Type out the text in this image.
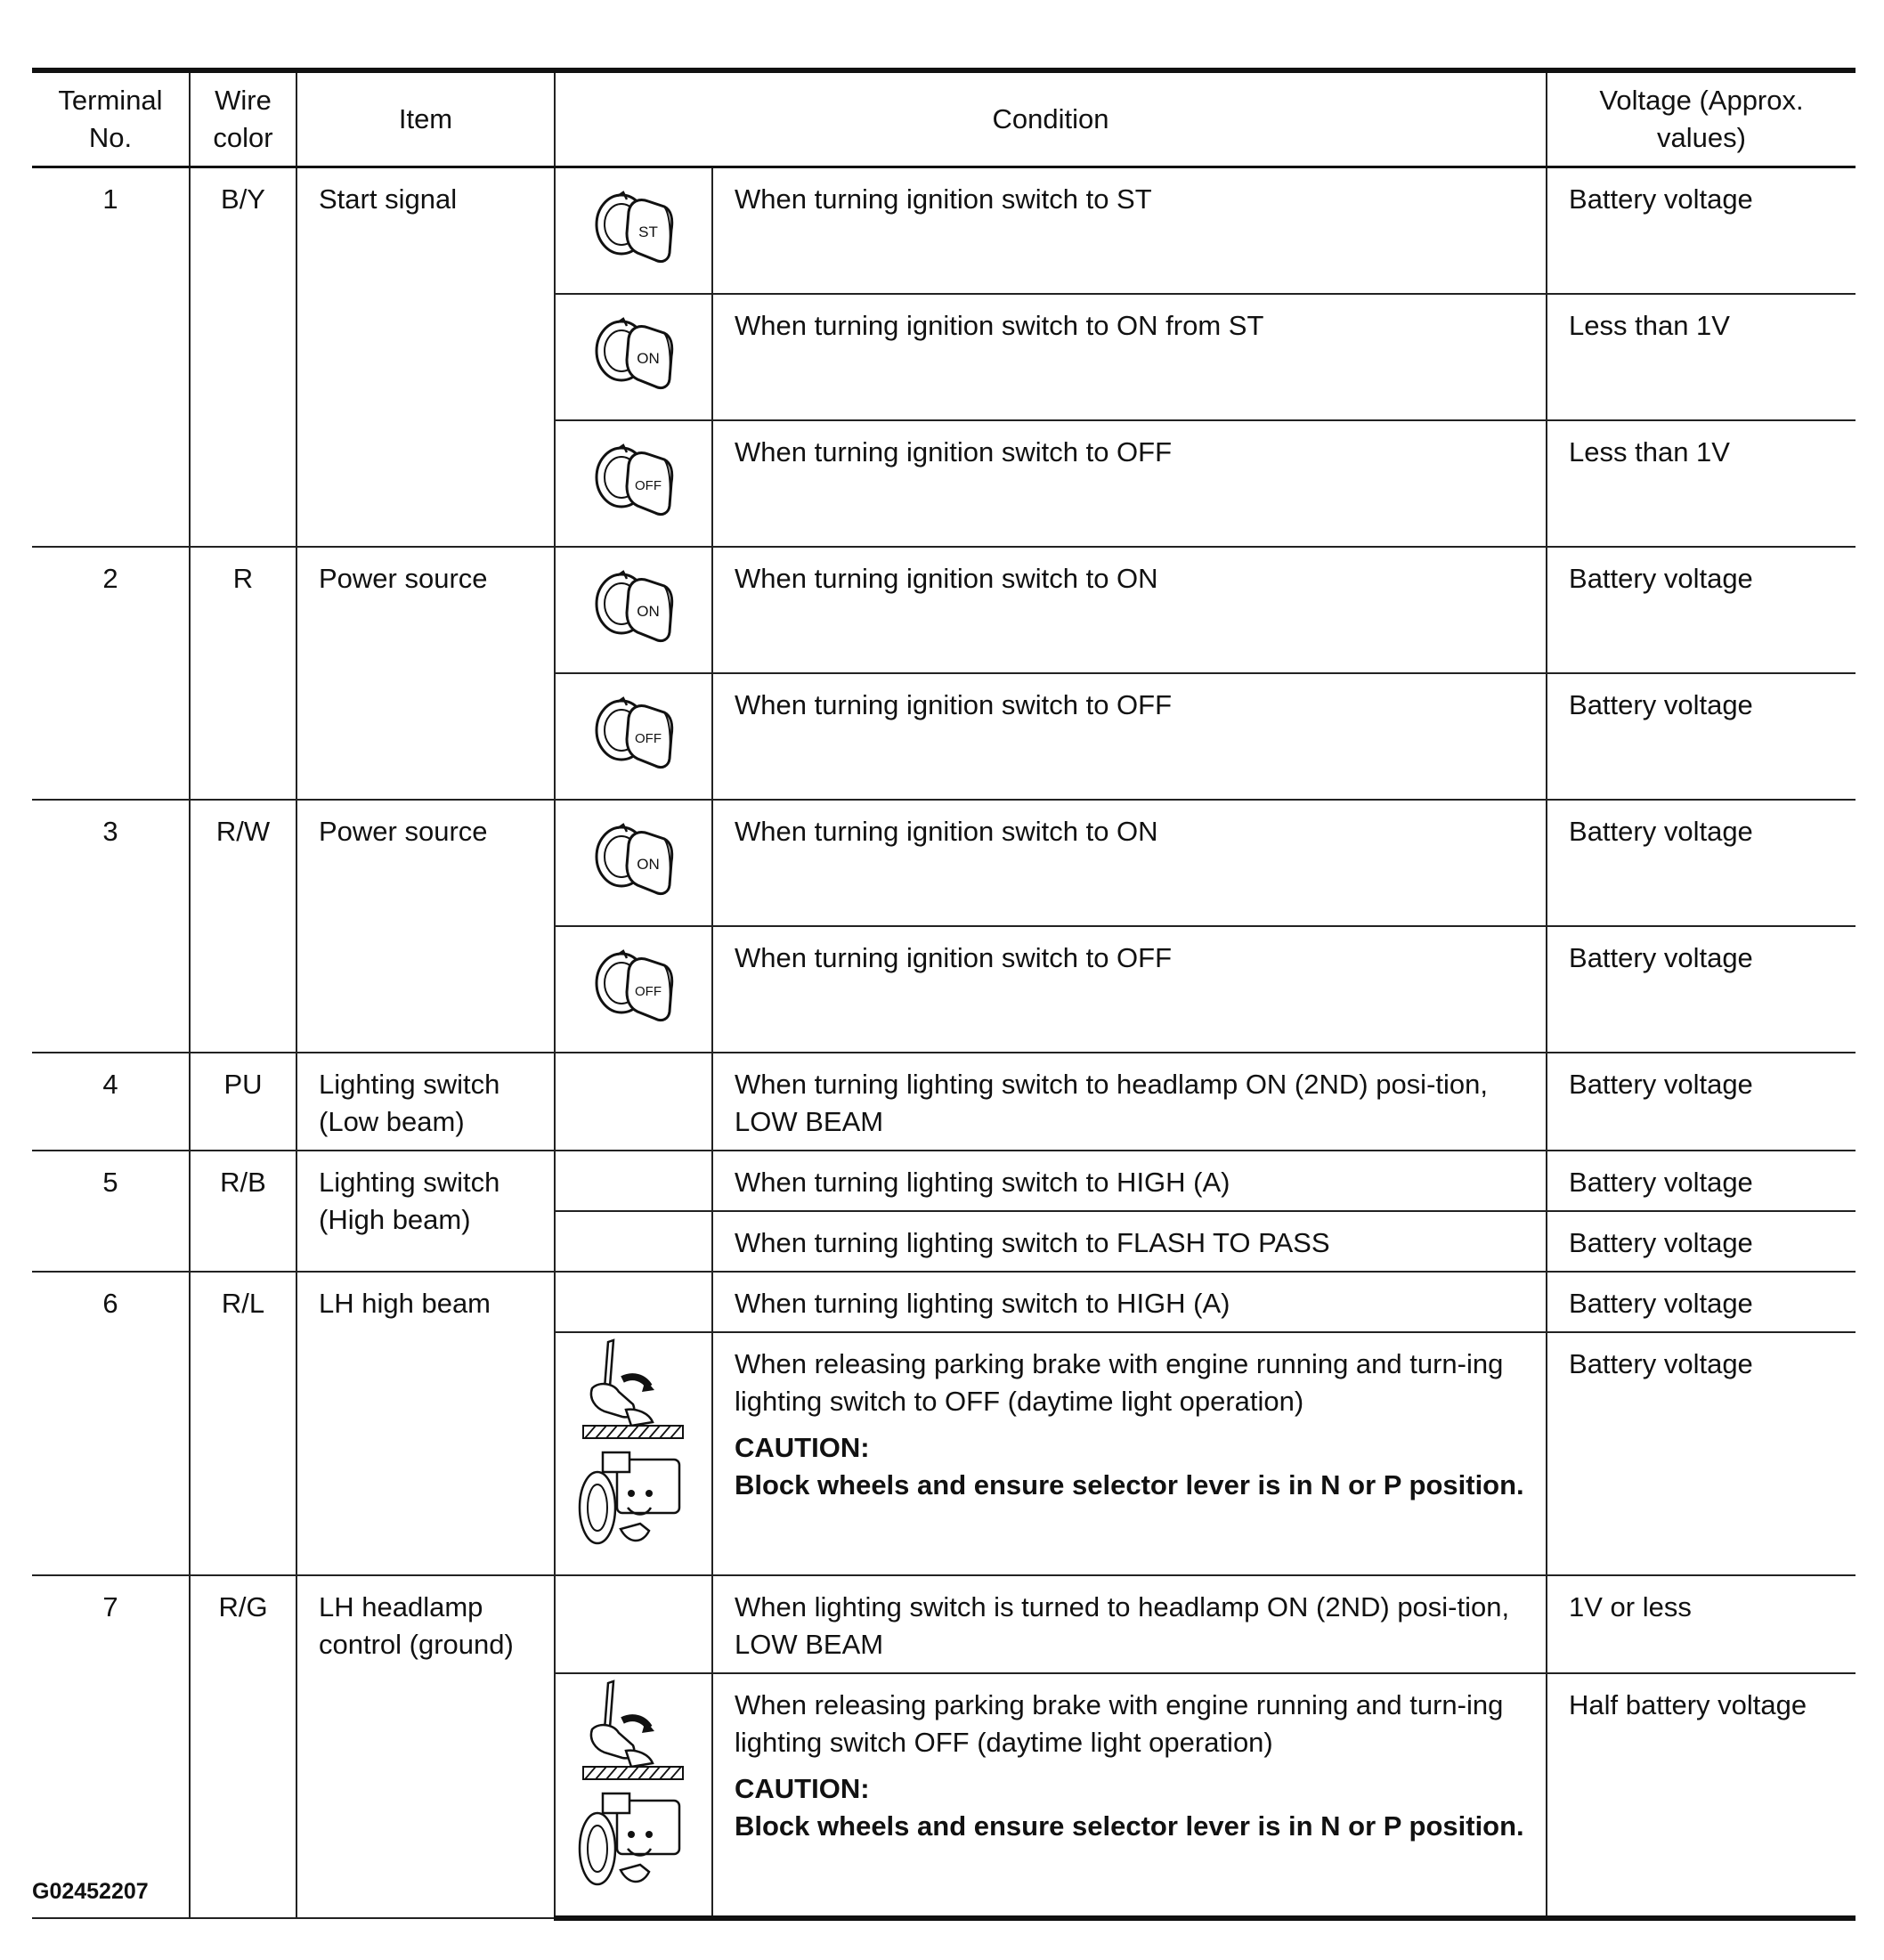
Terminal No.	Wire color	Item	Condition		Voltage (Approx. values)
1	B/Y	Start signal	ST	When turning ignition switch to ST	Battery voltage

ON	When turning ignition switch to ON from ST	Less than 1V

OFF	When turning ignition switch to OFF	Less than 1V
2	R	Power source	ON	When turning ignition switch to ON	Battery voltage

OFF	When turning ignition switch to OFF	Battery voltage
3	R/W	Power source	ON	When turning ignition switch to ON	Battery voltage

OFF	When turning ignition switch to OFF	Battery voltage
4	PU	Lighting switch (Low beam)		When turning lighting switch to headlamp ON (2ND) posi-tion, LOW BEAM	Battery voltage
5	R/B	Lighting switch (High beam)		When turning lighting switch to HIGH (A)	Battery voltage
				When turning lighting switch to FLASH TO PASS	Battery voltage
6	R/L	LH high beam		When turning lighting switch to HIGH (A)	Battery voltage
	When releasing parking brake with engine running and turn-ing lighting switch to OFF (daytime light operation)
CAUTION:
Block wheels and ensure selector lever is in N or P position.	Battery voltage
7	R/G	LH headlamp control (ground)		When lighting switch is turned to headlamp ON (2ND) posi-tion, LOW BEAM	1V or less
	When releasing parking brake with engine running and turn-ing lighting switch OFF (daytime light operation)
CAUTION:
Block wheels and ensure selector lever is in N or P position.	Half battery voltage
G02452207
